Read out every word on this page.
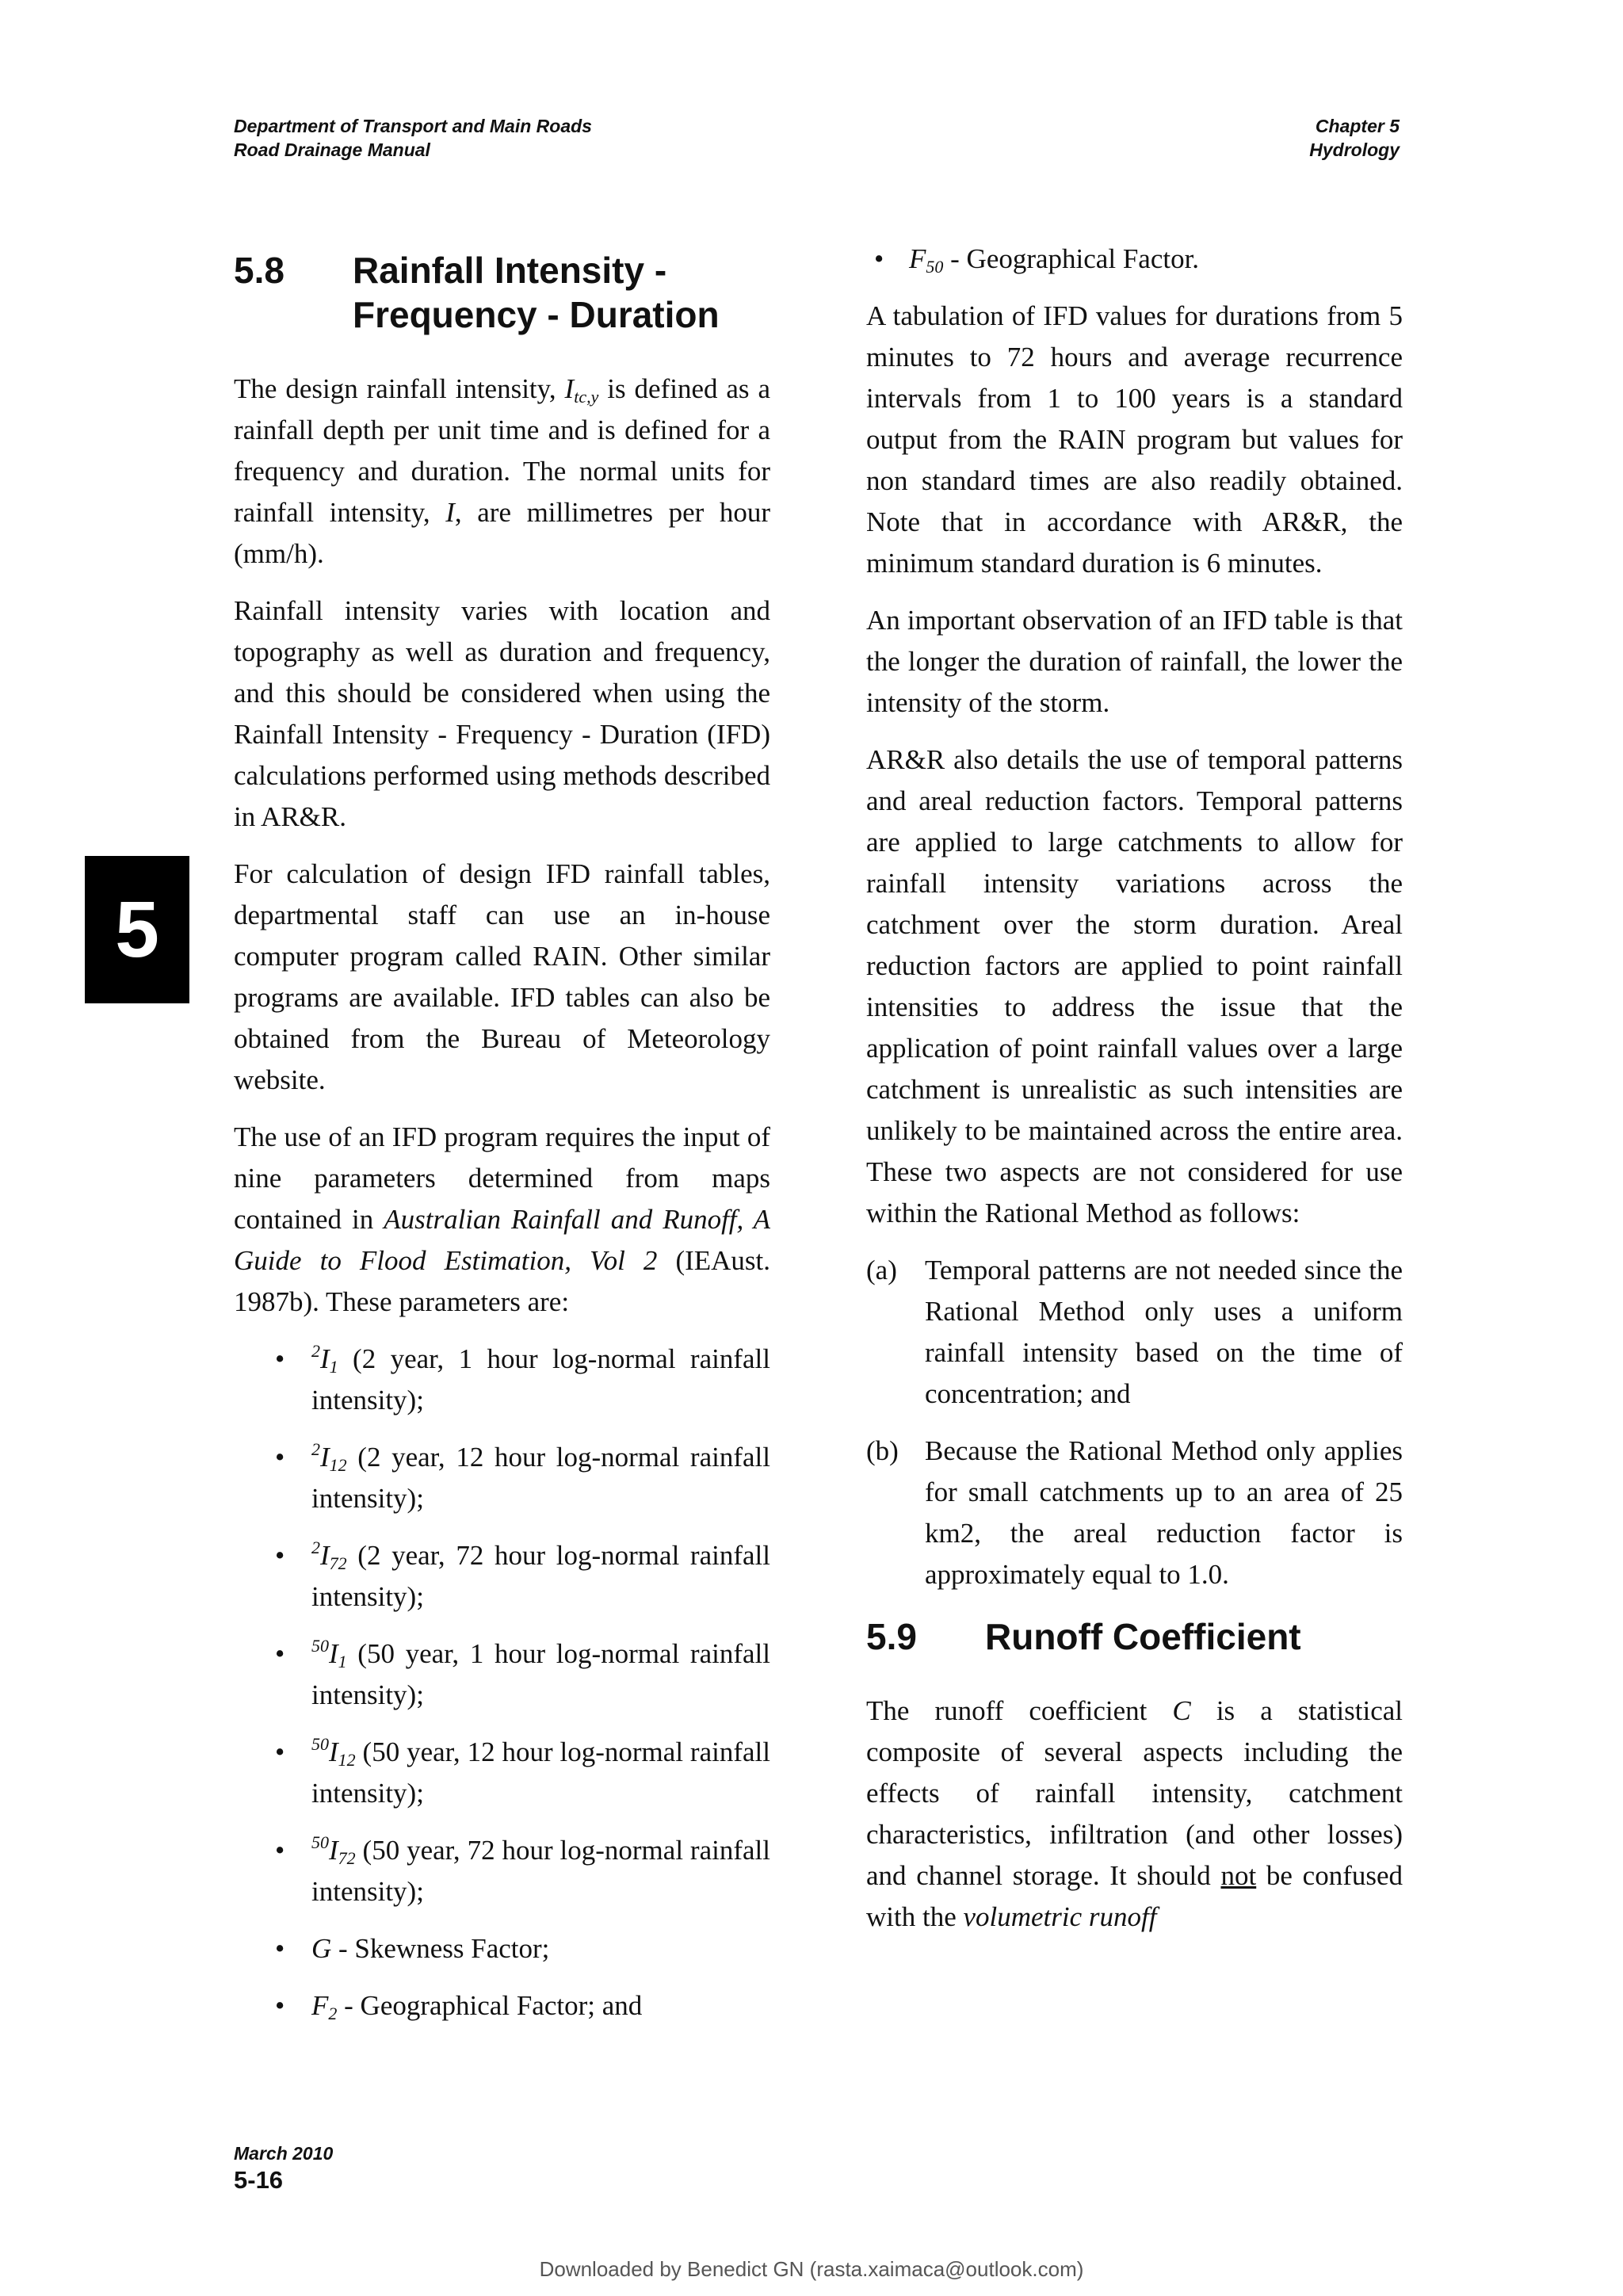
Department of Transport and Main Roads
Road Drainage Manual
Chapter 5
Hydrology
5
5.8	Rainfall Intensity -
Frequency - Duration

The design rainfall intensity, $I_{tc,y}$ is defined as a rainfall depth per unit time and is defined for a frequency and duration. The normal units for rainfall intensity, I, are millimetres per hour (mm/h).

Rainfall intensity varies with location and topography as well as duration and frequency, and this should be considered when using the Rainfall Intensity - Frequency - Duration (IFD) calculations performed using methods described in AR&R.

For calculation of design IFD rainfall tables, departmental staff can use an in-house computer program called RAIN. Other similar programs are available. IFD tables can also be obtained from the Bureau of Meteorology website.

The use of an IFD program requires the input of nine parameters determined from maps contained in Australian Rainfall and Runoff, A Guide to Flood Estimation, Vol 2 (IEAust. 1987b). These parameters are:

• $^2I_1$ (2 year, 1 hour log-normal rainfall intensity);
• $^2I_{12}$ (2 year, 12 hour log-normal rainfall intensity);
• $^2I_{72}$ (2 year, 72 hour log-normal rainfall intensity);
• $^{50}I_1$ (50 year, 1 hour log-normal rainfall intensity);
• $^{50}I_{12}$ (50 year, 12 hour log-normal rainfall intensity);
• $^{50}I_{72}$ (50 year, 72 hour log-normal rainfall intensity);
• G - Skewness Factor;
• $F_2$ - Geographical Factor; and
• $F_{50}$ - Geographical Factor.

A tabulation of IFD values for durations from 5 minutes to 72 hours and average recurrence intervals from 1 to 100 years is a standard output from the RAIN program but values for non standard times are also readily obtained. Note that in accordance with AR&R, the minimum standard duration is 6 minutes.

An important observation of an IFD table is that the longer the duration of rainfall, the lower the intensity of the storm.

AR&R also details the use of temporal patterns and areal reduction factors. Temporal patterns are applied to large catchments to allow for rainfall intensity variations across the catchment over the storm duration. Areal reduction factors are applied to point rainfall intensities to address the issue that the application of point rainfall values over a large catchment is unrealistic as such intensities are unlikely to be maintained across the entire area. These two aspects are not considered for use within the Rational Method as follows:

(a)	Temporal patterns are not needed since the Rational Method only uses a uniform rainfall intensity based on the time of concentration; and
(b) Because the Rational Method only applies for small catchments up to an area of 25 km2, the areal reduction factor is approximately equal to 1.0.
5.9	Runoff Coefficient

The runoff coefficient C is a statistical composite of several aspects including the effects of rainfall intensity, catchment characteristics, infiltration (and other losses) and channel storage. It should not be confused with the volumetric runoff

March 2010
5-16
Downloaded by Benedict GN (rasta.xaimaca@outlook.com)
